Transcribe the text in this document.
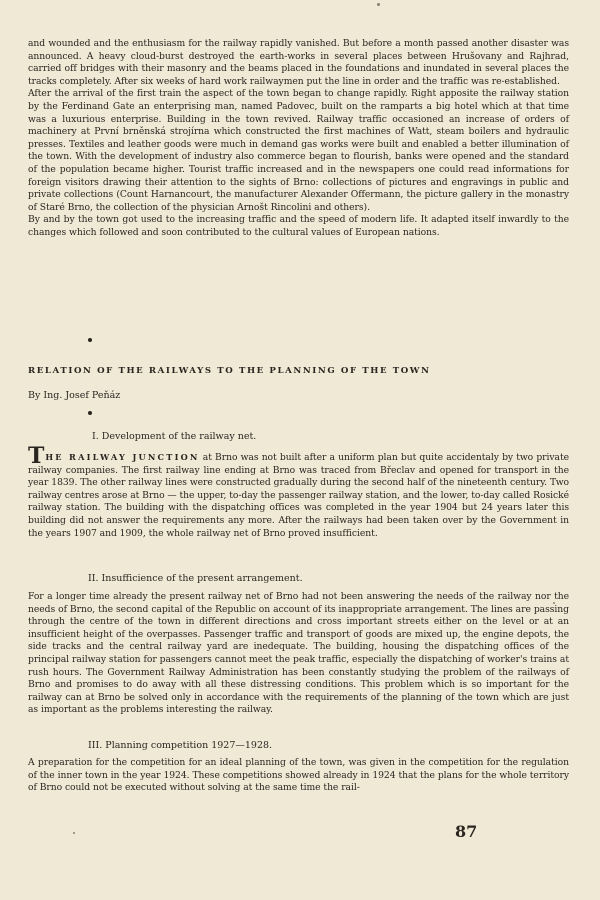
and wounded and the enthusiasm for the railway rapidly vanished. But before a month passed another disaster was announced. A heavy cloud-burst destroyed the earth-works in several places between Hrušovany and Rajhrad, carried off bridges with their masonry and the beams placed in the foundations and inundated in several places the tracks completely. After six weeks of hard work railwaymen put the line in order and the traffic was re-established.

After the arrival of the first train the aspect of the town began to change rapidly. Right apposite the railway station by the Ferdinand Gate an enterprising man, named Padovec, built on the ramparts a big hotel which at that time was a luxurious enterprise. Building in the town revived. Railway traffic occasioned an increase of orders of machinery at První brněnská strojírna which constructed the first machines of Watt, steam boilers and hydraulic presses. Textiles and leather goods were much in demand gas works were built and enabled a better illumination of the town. With the development of industry also commerce began to flourish, banks were opened and the standard of the population became higher. Tourist traffic increased and in the newspapers one could read informations for foreign visitors drawing their attention to the sights of Brno: collections of pictures and engravings in public and private collections (Count Harnancourt, the manufacturer Alexander Offermann, the picture gallery in the monastry of Staré Brno, the collection of the physician Arnošt Rincolini and others).

By and by the town got used to the increasing traffic and the speed of modern life. It adapted itself inwardly to the changes which followed and soon contributed to the cultural values of European nations.

RELATION OF THE RAILWAYS TO THE PLANNING OF THE TOWN
By Ing. Josef Peňáz
I. Development of the railway net.

THE RAILWAY JUNCTION at Brno was not built after a uniform plan but quite accidentaly by two private railway companies. The first railway line ending at Brno was traced from Břeclav and opened for transport in the year 1839. The other railway lines were constructed gradually during the second half of the nineteenth century. Two railway centres arose at Brno — the upper, to-day the passenger railway station, and the lower, to-day called Rosické railway station. The building with the dispatching offices was completed in the year 1904 but 24 years later this building did not answer the requirements any more. After the railways had been taken over by the Government in the years 1907 and 1909, the whole railway net of Brno proved insufficient.

II. Insufficience of the present arrangement.

For a longer time already the present railway net of Brno had not been answering the needs of the railway nor the needs of Brno, the second capital of the Republic on account of its inappropriate arrangement. The lines are passing through the centre of the town in different directions and cross important streets either on the level or at an insufficient height of the overpasses. Passenger traffic and transport of goods are mixed up, the engine depots, the side tracks and the central railway yard are inedequate. The building, housing the dispatching offices of the principal railway station for passengers cannot meet the peak traffic, especially the dispatching of worker's trains at rush hours. The Government Railway Administration has been constantly studying the problem of the railways of Brno and promises to do away with all these distressing conditions. This problem which is so important for the railway can at Brno be solved only in accordance with the requirements of the planning of the town which are just as important as the problems interesting the railway.

III. Planning competition 1927—1928.

A preparation for the competition for an ideal planning of the town, was given in the competition for the regulation of the inner town in the year 1924. These competitions showed already in 1924 that the plans for the whole territory of Brno could not be executed without solving at the same time the rail-

87
